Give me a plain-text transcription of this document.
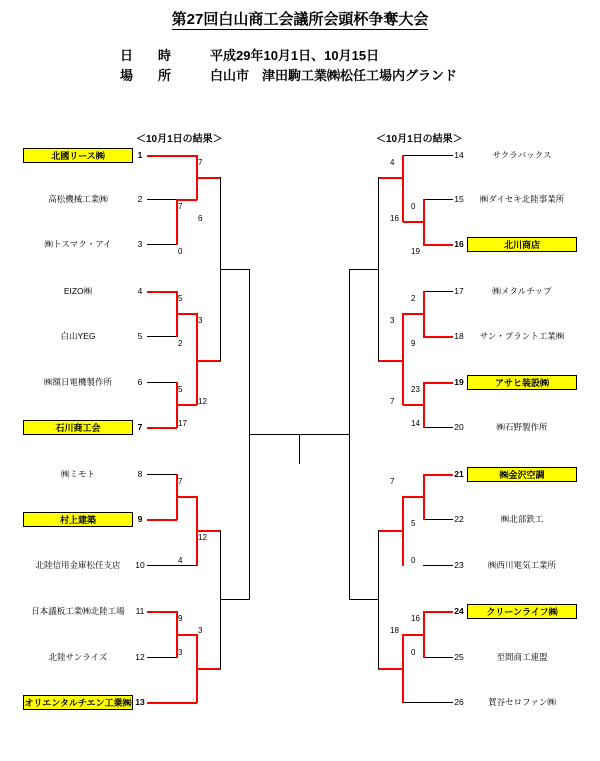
第27回白山商工会議所会頭杯争奪大会
日　時	平成29年10月1日、10月15日
場　所	白山市　津田駒工業㈱松任工場内グランド
＜10月1日の結果＞	＜10月1日の結果＞
北國リース㈱
高松機械工業㈱
㈱トスマク・アイ
EIZO㈱
白山YEG
㈱額日電機製作所
石川商工会
㈱ミモト
村上建築
北陸信用金庫松任支店
日本議板工業㈱北陸工場
北陸サンライズ
オリエンタルチエン工業㈱
1
2
3
4
5
6
7
8
9
10
11
12
13
7
7
6
0
5
3
2
5
12
17
7
12
4
9
3
3
サクラバックス
㈱ダイセキ北陸事業所
北川商店
㈱メタルチップ
サン・プラント工業㈱
アサヒ装設㈱
㈱石野製作所
㈱金沢空調
㈱北部鉄工
㈱西川電気工業所
クリーンライフ㈱
至間商工連盟
賀谷セロファン㈱
14
15
16
17
18
19
20
21
22
23
24
25
26
4
16
0
19
2
3
9
23
7
14
7
5
0
16
18
0
